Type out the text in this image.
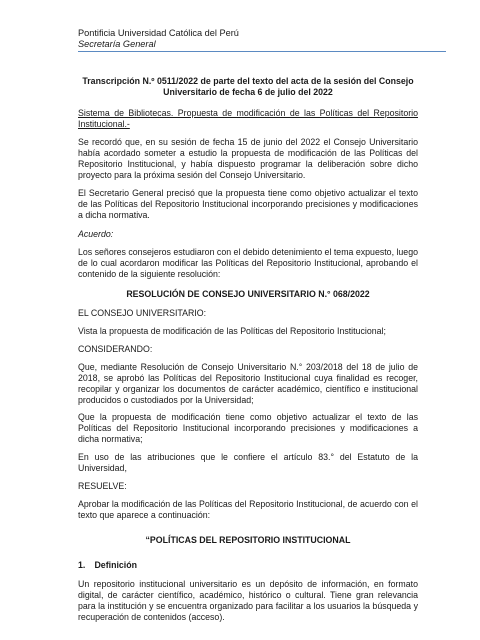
Pontificia Universidad Católica del Perú
Secretaría General
Transcripción N.º 0511/2022 de parte del texto del acta de la sesión del Consejo
Universitario de fecha 6 de julio del 2022

Sistema de Bibliotecas. Propuesta de modificación de las Políticas del Repositorio Institucional.-

Se recordó que, en su sesión de fecha 15 de junio del 2022 el Consejo Universitario había acordado someter a estudio la propuesta de modificación de las Políticas del Repositorio Institucional, y había dispuesto programar la deliberación sobre dicho proyecto para la próxima sesión del Consejo Universitario.

El Secretario General precisó que la propuesta tiene como objetivo actualizar el texto de las Políticas del Repositorio Institucional incorporando precisiones y modificaciones a dicha normativa.

Acuerdo:

Los señores consejeros estudiaron con el debido detenimiento el tema expuesto, luego de lo cual acordaron modificar las Políticas del Repositorio Institucional, aprobando el contenido de la siguiente resolución:

RESOLUCIÓN DE CONSEJO UNIVERSITARIO N.° 068/2022

EL CONSEJO UNIVERSITARIO:

Vista la propuesta de modificación de las Políticas del Repositorio Institucional;

CONSIDERANDO:

Que, mediante Resolución de Consejo Universitario N.° 203/2018 del 18 de julio de 2018, se aprobó las Políticas del Repositorio Institucional cuya finalidad es recoger, recopilar y organizar los documentos de carácter académico, científico e institucional producidos o custodiados por la Universidad;

Que la propuesta de modificación tiene como objetivo actualizar el texto de las Políticas del Repositorio Institucional incorporando precisiones y modificaciones a dicha normativa;

En uso de las atribuciones que le confiere el artículo 83.° del Estatuto de la Universidad,

RESUELVE:

Aprobar la modificación de las Políticas del Repositorio Institucional, de acuerdo con el texto que aparece a continuación:

“POLÍTICAS DEL REPOSITORIO INSTITUCIONAL
1. Definición

Un repositorio institucional universitario es un depósito de información, en formato digital, de carácter científico, académico, histórico o cultural. Tiene gran relevancia para la institución y se encuentra organizado para facilitar a los usuarios la búsqueda y recuperación de contenidos (acceso).
